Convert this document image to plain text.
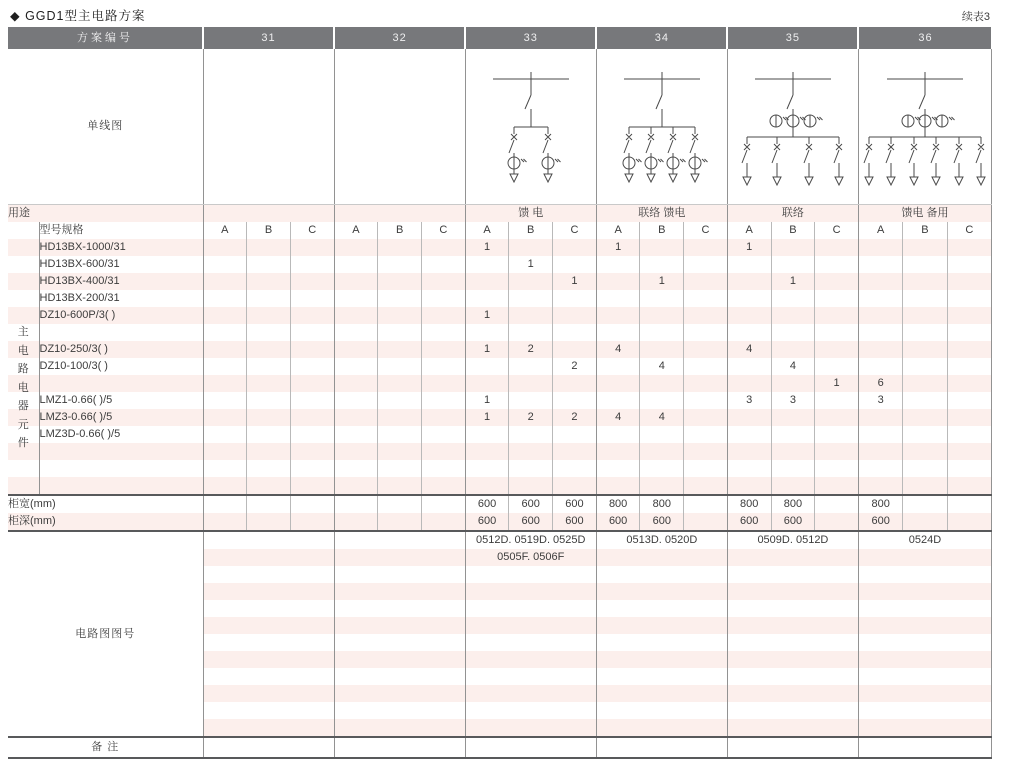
◆ GGD1型主电路方案	续表3
方案编号		31			32			33			34			35			36		
单线图			

用途								馈 电			联络 馈电			联络			馈电 备用		

主
电
路
电
器
元
件
	型号规格	A	B	C	A	B	C	A	B	C	A	B	C	A	B	C	A	B	C
	HD13BX-1000/31							1			1			1					
	HD13BX-600/31								1										
	HD13BX-400/31									1		1			1				
	HD13BX-200/31																		
	DZ10-600P/3( )							1											

	DZ10-250/3( )							1	2		4			4					
	DZ10-100/3( )									2		4			4				
																1	6		
	LMZ1-0.66( )/5							1						3	3		3		
	LMZ3-0.66( )/5							1	2	2	4	4							
	LMZ3D-0.66( )/5																		

柜宽(mm)								600	600	600	800	800		800	800		800		
柜深(mm)								600	600	600	600	600		600	600		600		
电路图图号								0512D. 0519D. 0525D			0513D. 0520D			0509D. 0512D			0524D		
								0505F. 0506F											

备 注																			
